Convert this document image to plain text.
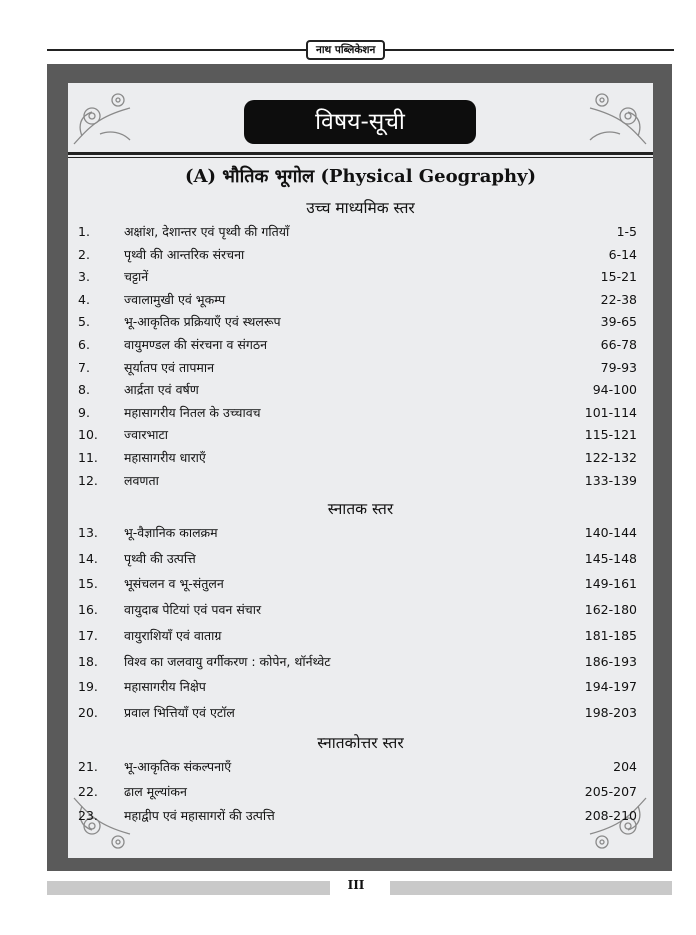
नाथ पब्लिकेशन
विषय-सूची
(A) भौतिक भूगोल (Physical Geography)
उच्च माध्यमिक स्तर
स्नातक स्तर
स्नातकोत्तर स्तर
1.	अक्षांश, देशान्तर एवं पृथ्वी की गतियाँ	1-5
2.	पृथ्वी की आन्तरिक संरचना	6-14
3.	चट्टानें	15-21
4.	ज्वालामुखी एवं भूकम्प	22-38
5.	भू-आकृतिक प्रक्रियाएँ एवं स्थलरूप	39-65
6.	वायुमण्डल की संरचना व संगठन	66-78
7.	सूर्यातप एवं तापमान	79-93
8.	आर्द्रता एवं वर्षण	94-100
9.	महासागरीय नितल के उच्चावच	101-114
10. ज्वारभाटा	115-121
11. महासागरीय धाराएँ	122-132
12. लवणता	133-139
13. भू-वैज्ञानिक कालक्रम	140-144
14. पृथ्वी की उत्पत्ति	145-148
15. भूसंचलन व भू-संतुलन	149-161
16. वायुदाब पेटियां एवं पवन संचार	162-180
17. वायुराशियाँ एवं वाताग्र	181-185
18. विश्व का जलवायु वर्गीकरण : कोपेन, थॉर्नथ्वेट	186-193
19. महासागरीय निक्षेप	194-197
20. प्रवाल भित्तियाँ एवं एटॉल	198-203
21. भू-आकृतिक संकल्पनाएँ	204
22. ढाल मूल्यांकन	205-207
23. महाद्वीप एवं महासागरों की उत्पत्ति	208-210
III
